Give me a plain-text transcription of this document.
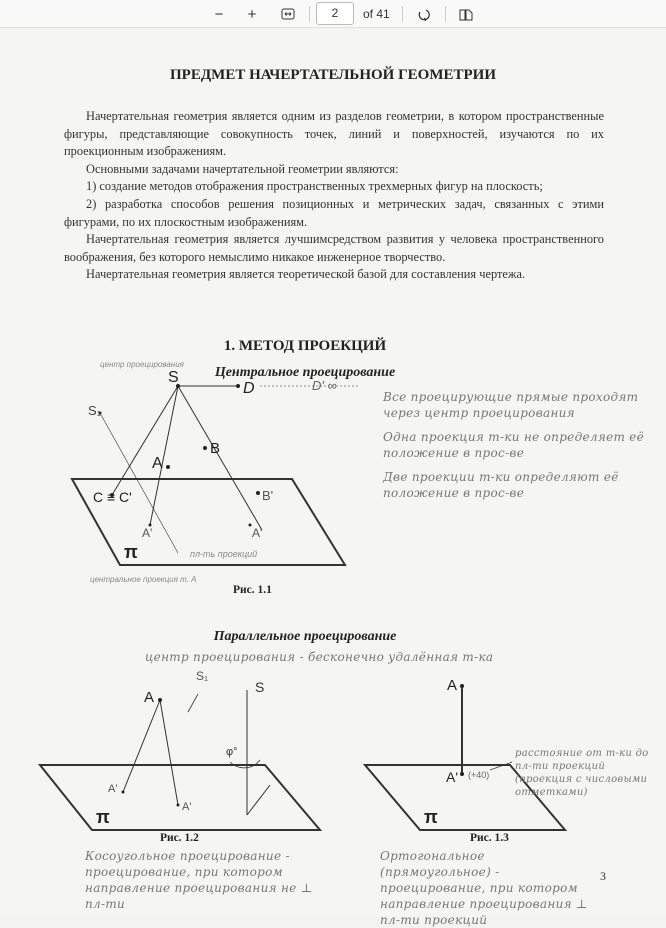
−	+	2	of 41
ПРЕДМЕТ НАЧЕРТАТЕЛЬНОЙ ГЕОМЕТРИИ

Начертательная геометрия является одним из разделов геометрии, в котором пространственные фигуры, представляющие совокупность точек, линий и поверхностей, изучаются по их проекционным изображениям.

Основными задачами начертательной геометрии являются:

1) создание методов отображения пространственных трехмерных фигур на плоскость;

2) разработка способов решения позиционных и метрических задач, связанных с этими фигурами, по их плоскостным изображениям.

Начертательная геометрия является лучшимсредством развития у человека пространственного воображения, без которого немыслимо никакое инженерное творчество.

Начертательная геометрия является теоретической базой для составления чертежа.

1. МЕТОД ПРОЕКЦИЙ
Центральное проецирование
S₁
S
D	D' ∞
A
B
C ≡ C'	B'
A'	A'
π	пл-ть проекций
центр проецирования
центральное проекция т. A
A
S₁
S
φ°
A'
A'
π
A
A' (+40)
π
Рис. 1.1
Все проецирующие прямые проходят через центр проецирования
Одна проекция т-ки не определяет её положение в прос-ве
Две проекции т-ки определяют её положение в прос-ве
Параллельное проецирование
центр проецирования - бесконечно удалённая т-ка
расстояние от т-ки до пл-ти проекций (проекция с числовыми отметками)
Рис. 1.2	Рис. 1.3
Косоугольное проецирование - проецирование, при котором направление проецирования не ⊥ пл-ти
Ортогональное (прямоугольное) - проецирование, при котором направление проецирования ⊥ пл-ти проекций
3
